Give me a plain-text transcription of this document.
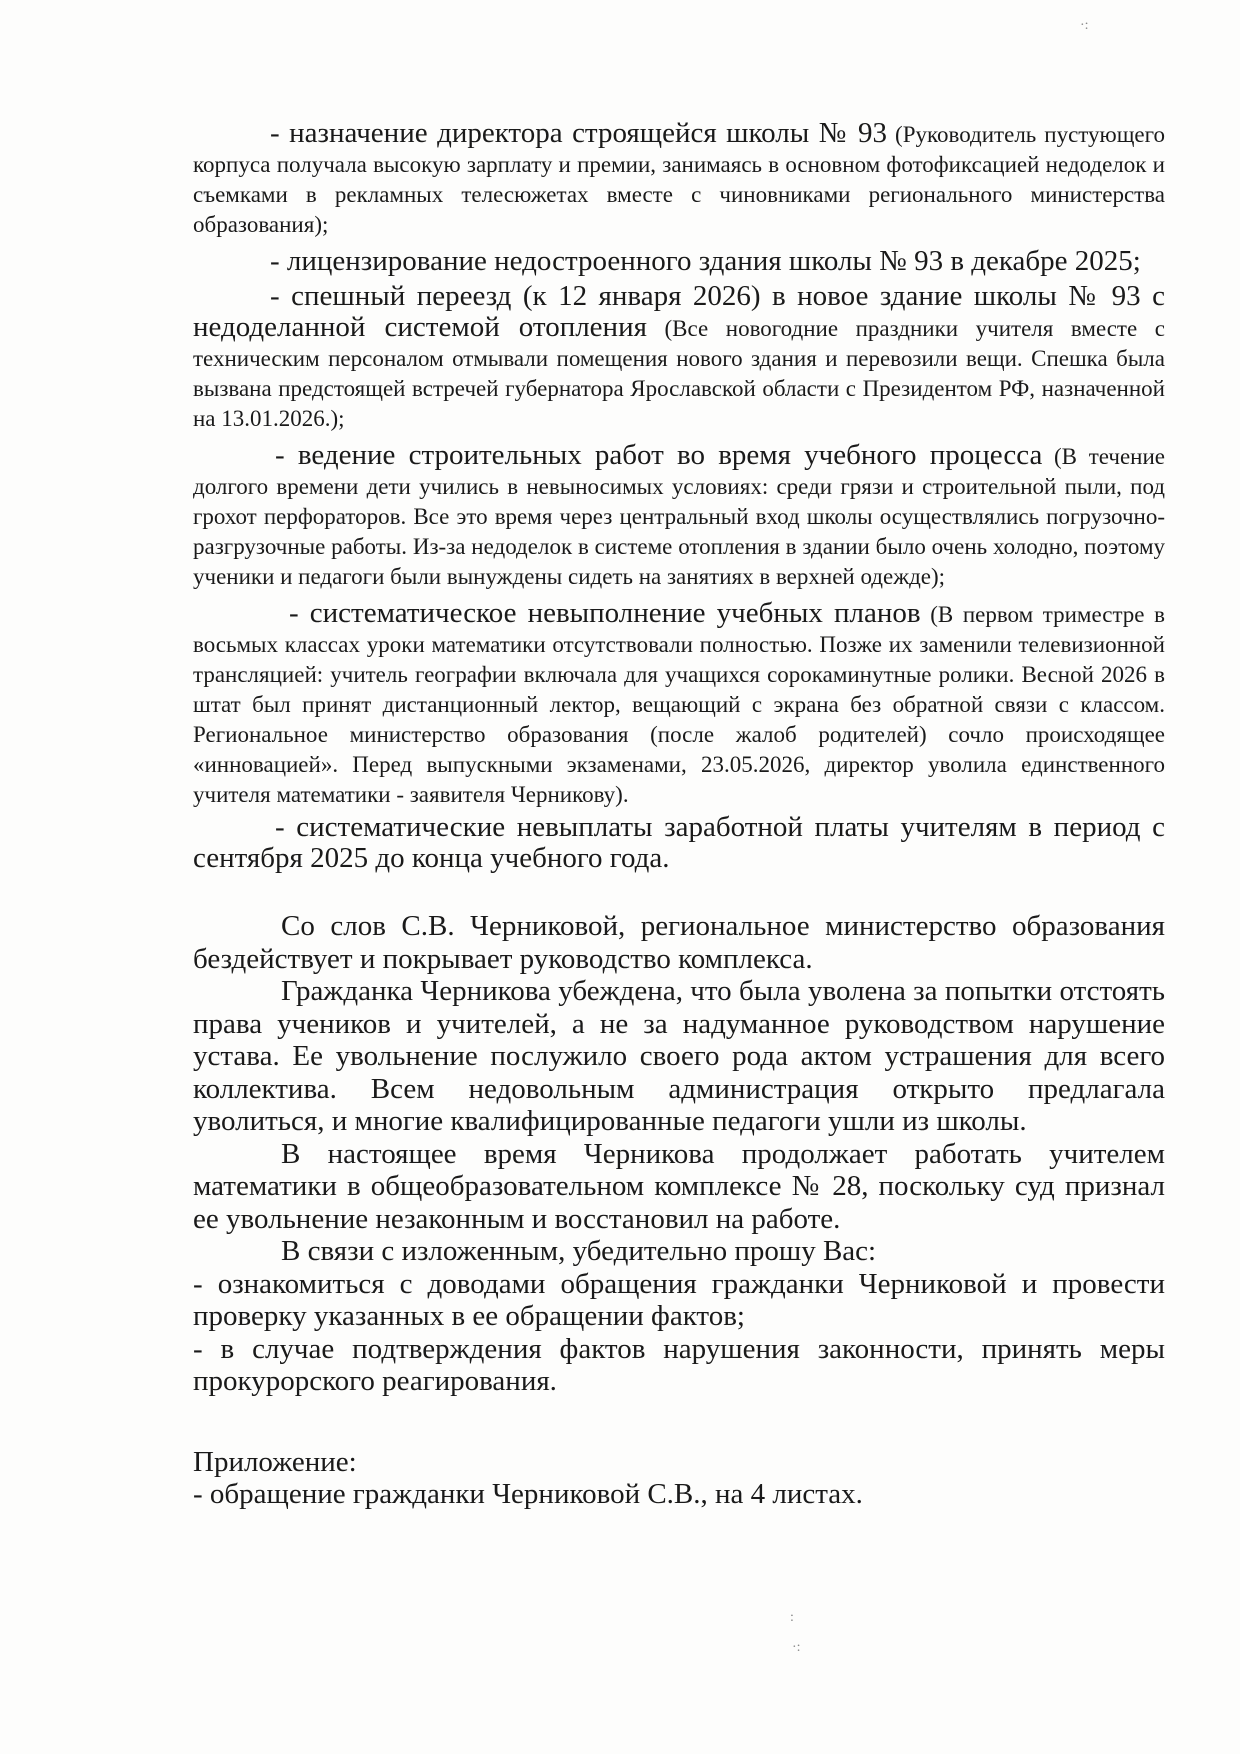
- назначение директора строящейся школы № 93 (Руководитель пустующего корпуса получала высокую зарплату и премии, занимаясь в основном фотофиксацией недоделок и съемками в рекламных телесюжетах вместе с чиновниками регионального министерства образования);

- лицензирование недостроенного здания школы № 93 в декабре 2025;

- спешный переезд (к 12 января 2026) в новое здание школы № 93 с недоделанной системой отопления (Все новогодние праздники учителя вместе с техническим персоналом отмывали помещения нового здания и перевозили вещи. Спешка была вызвана предстоящей встречей губернатора Ярославской области с Президентом РФ, назначенной на 13.01.2026.);

- ведение строительных работ во время учебного процесса (В течение долгого времени дети учились в невыносимых условиях: среди грязи и строительной пыли, под грохот перфораторов. Все это время через центральный вход школы осуществлялись погрузочно-разгрузочные работы. Из-за недоделок в системе отопления в здании было очень холодно, поэтому ученики и педагоги были вынуждены сидеть на занятиях в верхней одежде);

- систематическое невыполнение учебных планов (В первом триместре в восьмых классах уроки математики отсутствовали полностью. Позже их заменили телевизионной трансляцией: учитель географии включала для учащихся сорокаминутные ролики. Весной 2026 в штат был принят дистанционный лектор, вещающий с экрана без обратной связи с классом. Региональное министерство образования (после жалоб родителей) сочло происходящее «инновацией». Перед выпускными экзаменами, 23.05.2026, директор уволила единственного учителя математики - заявителя Черникову).

- систематические невыплаты заработной платы учителям в период с сентября 2025 до конца учебного года.

Со слов С.В. Черниковой, региональное министерство образования бездействует и покрывает руководство комплекса.

Гражданка Черникова убеждена, что была уволена за попытки отстоять права учеников и учителей, а не за надуманное руководством нарушение устава. Ее увольнение послужило своего рода актом устрашения для всего коллектива. Всем недовольным администрация открыто предлагала уволиться, и многие квалифицированные педагоги ушли из школы.

В настоящее время Черникова продолжает работать учителем математики в общеобразовательном комплексе № 28, поскольку суд признал ее увольнение незаконным и восстановил на работе.

В связи с изложенным, убедительно прошу Вас:

- ознакомиться с доводами обращения гражданки Черниковой и провести проверку указанных в ее обращении фактов;

- в случае подтверждения фактов нарушения законности, принять меры прокурорского реагирования.

Приложение:

- обращение гражданки Черниковой С.В., на 4 листах.

·:
:
·:
